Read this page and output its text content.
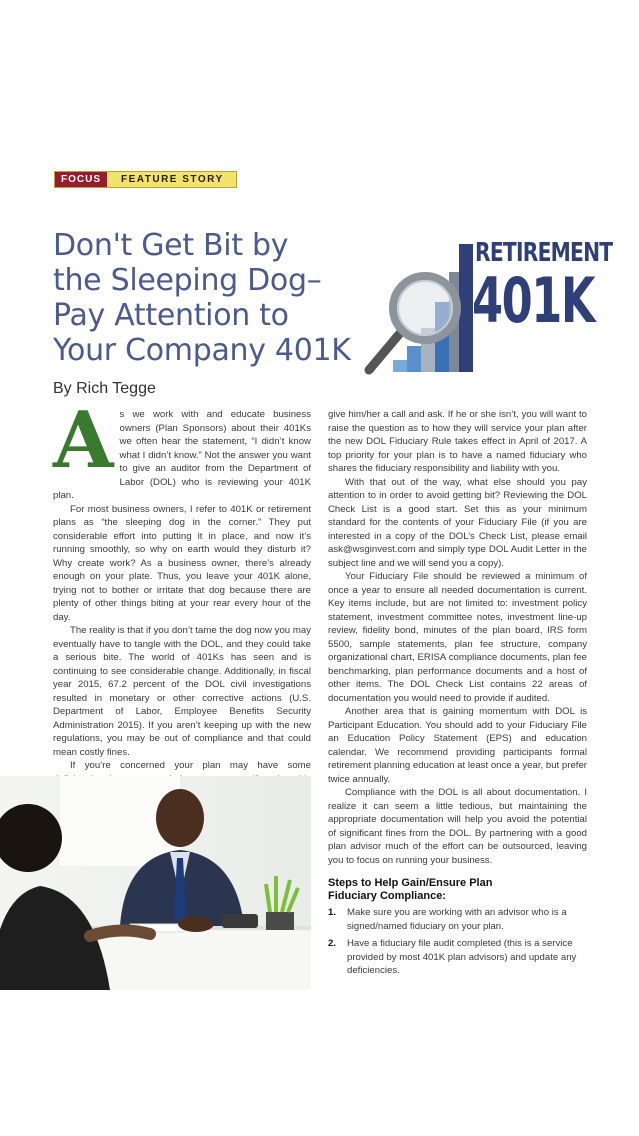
FOCUS	FEATURE STORY
Don't Get Bit by
the Sleeping Dog–
Pay Attention to
Your Company 401K
By Rich Tegge
RETIREMENT
401K
A s we work with and educate business owners (Plan Sponsors) about their 401Ks we often hear the statement, “I didn’t know what I didn’t know.” Not the answer you want to give an auditor from the Department of Labor (DOL) who is reviewing your 401K plan.

For most business owners, I refer to 401K or retirement plans as “the sleeping dog in the corner.” They put considerable effort into putting it in place, and now it’s running smoothly, so why on earth would they disturb it? Why create work? As a business owner, there’s already enough on your plate. Thus, you leave your 401K alone, trying not to bother or irritate that dog because there are plenty of other things biting at your rear every hour of the day.

The reality is that if you don’t tame the dog now you may eventually have to tangle with the DOL, and they could take a serious bite. The world of 401Ks has seen and is continuing to see considerable change. Additionally, in fiscal year 2015, 67.2 percent of the DOL civil investigations resulted in monetary or other corrective actions (U.S. Department of Labor, Employee Benefits Security Administration 2015). If you aren’t keeping up with the new regulations, you may be out of compliance and that could mean costly fines.

If you’re concerned your plan may have some

give him/her a call and ask. If he or she isn’t, you will want to raise the question as to how they will service your plan after the new DOL Fiduciary Rule takes effect in April of 2017. A top priority for your plan is to have a named fiduciary who shares the fiduciary responsibility and liability with you.

With that out of the way, what else should you pay attention to in order to avoid getting bit? Reviewing the DOL Check List is a good start. Set this as your minimum standard for the contents of your Fiduciary File (if you are interested in a copy of the DOL’s Check List, please email ask@wsginvest.com and simply type DOL Audit Letter in the subject line and we will send you a copy).

Your Fiduciary File should be reviewed a minimum of once a year to ensure all needed documentation is current. Key items include, but are not limited to: investment policy statement, investment committee notes, investment line-up review, fidelity bond, minutes of the plan board, IRS form 5500, sample statements, plan fee structure, company organizational chart, ERISA compliance documents, plan fee benchmarking, plan performance documents and a host of other items. The DOL Check List contains 22 areas of documentation you would need to provide if audited.

Another area that is gaining momentum with DOL is Participant Education. You should add to your Fiduciary File an Education Policy Statement (EPS) and education calendar. We recommend providing participants formal retirement planning education at least once a year, but prefer twice annually.

Compliance with the DOL is all about documentation. I realize it can seem a little tedious, but maintaining the appropriate documentation will help you avoid the potential of significant fines from the DOL. By partnering with a good plan advisor much of the effort can be outsourced, leaving you to focus on running your business.

Steps to Help Gain/Ensure Plan
Fiduciary Compliance:
1. Make sure you are working with an advisor who is a signed/named fiduciary on your plan.
2. Have a fiduciary file audit completed (this is a service provided by most 401K plan advisors) and update any deficiencies.
